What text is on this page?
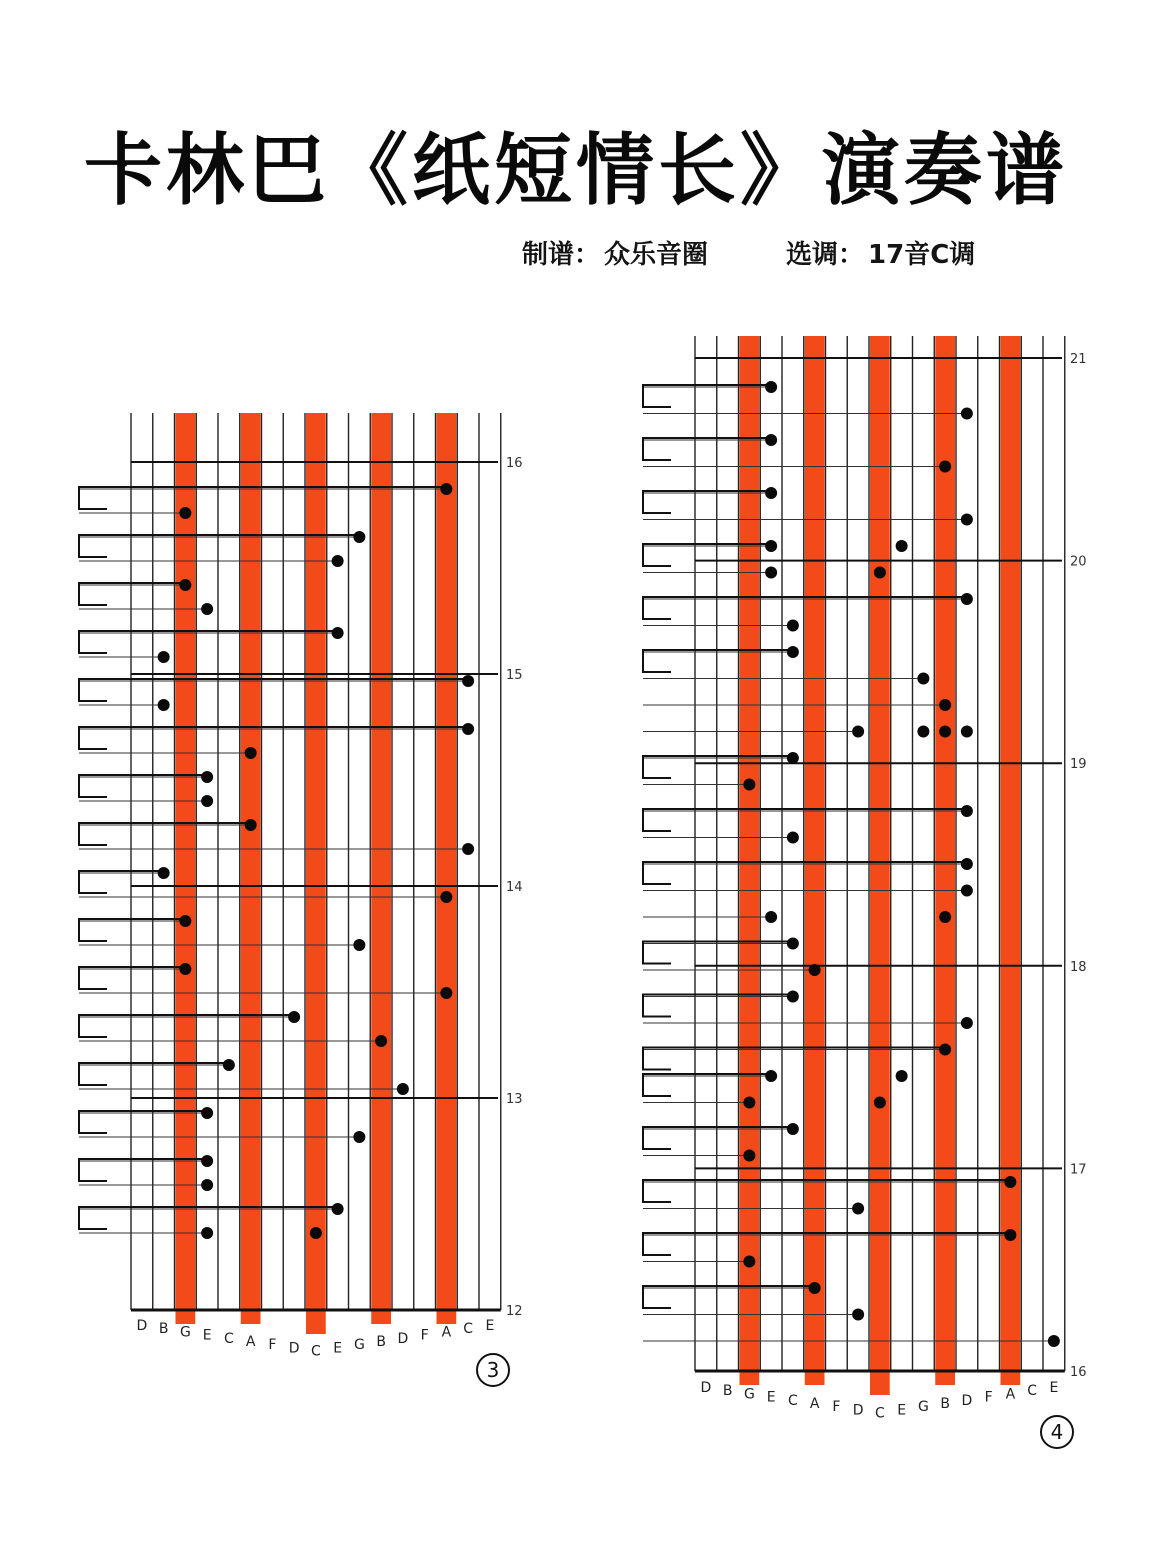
卡林巴《纸短情长》演奏谱
制谱： 众乐音圈	选调： 17音C调
16
15
14
13
12
D B G E C A F D C E G B D F A C E
21
20
19
18
17
16
D B G E C A F D C E G B D F A C E
3
4
